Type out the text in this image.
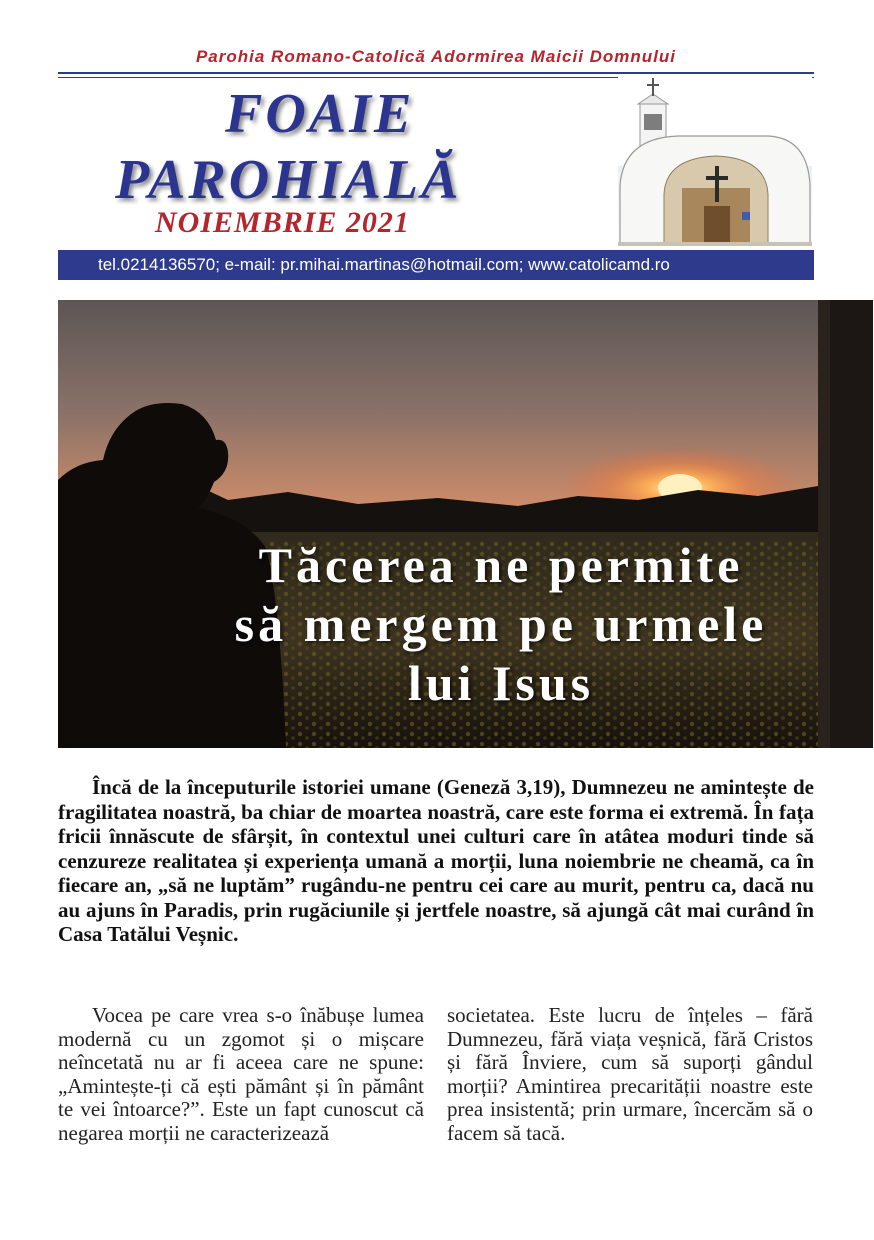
Parohia Romano-Catolică Adormirea Maicii Domnului
FOAIE
PAROHIALĂ
NOIEMBRIE 2021
tel.0214136570; e-mail: pr.mihai.martinas@hotmail.com; www.catolicamd.ro
Tăcerea ne permite
să mergem pe urmele
lui Isus

Încă de la începuturile istoriei umane (Geneză 3,19), Dumnezeu ne amintește de fragilitatea noastră, ba chiar de moartea noastră, care este forma ei extremă. În fața fricii înnăscute de sfârșit, în contextul unei culturi care în atâtea moduri tinde să cenzureze realitatea și experiența umană a morții, luna noiembrie ne cheamă, ca în fiecare an, „să ne luptăm” rugându-ne pentru cei care au murit, pentru ca, dacă nu au ajuns în Paradis, prin rugăciunile și jertfele noastre, să ajungă cât mai curând în Casa Tatălui Veșnic.

Vocea pe care vrea s-o înăbușe lumea modernă cu un zgomot și o mișcare neîncetată nu ar fi aceea care ne spune: „Amintește-ți că ești pământ și în pământ te vei întoarce?”. Este un fapt cunoscut că negarea morții ne caracterizează

societatea. Este lucru de înțeles – fără Dumnezeu, fără viața veșnică, fără Cristos și fără Înviere, cum să suporți gândul morții? Amintirea precarității noastre este prea insistentă; prin urmare, încercăm să o facem să tacă.
